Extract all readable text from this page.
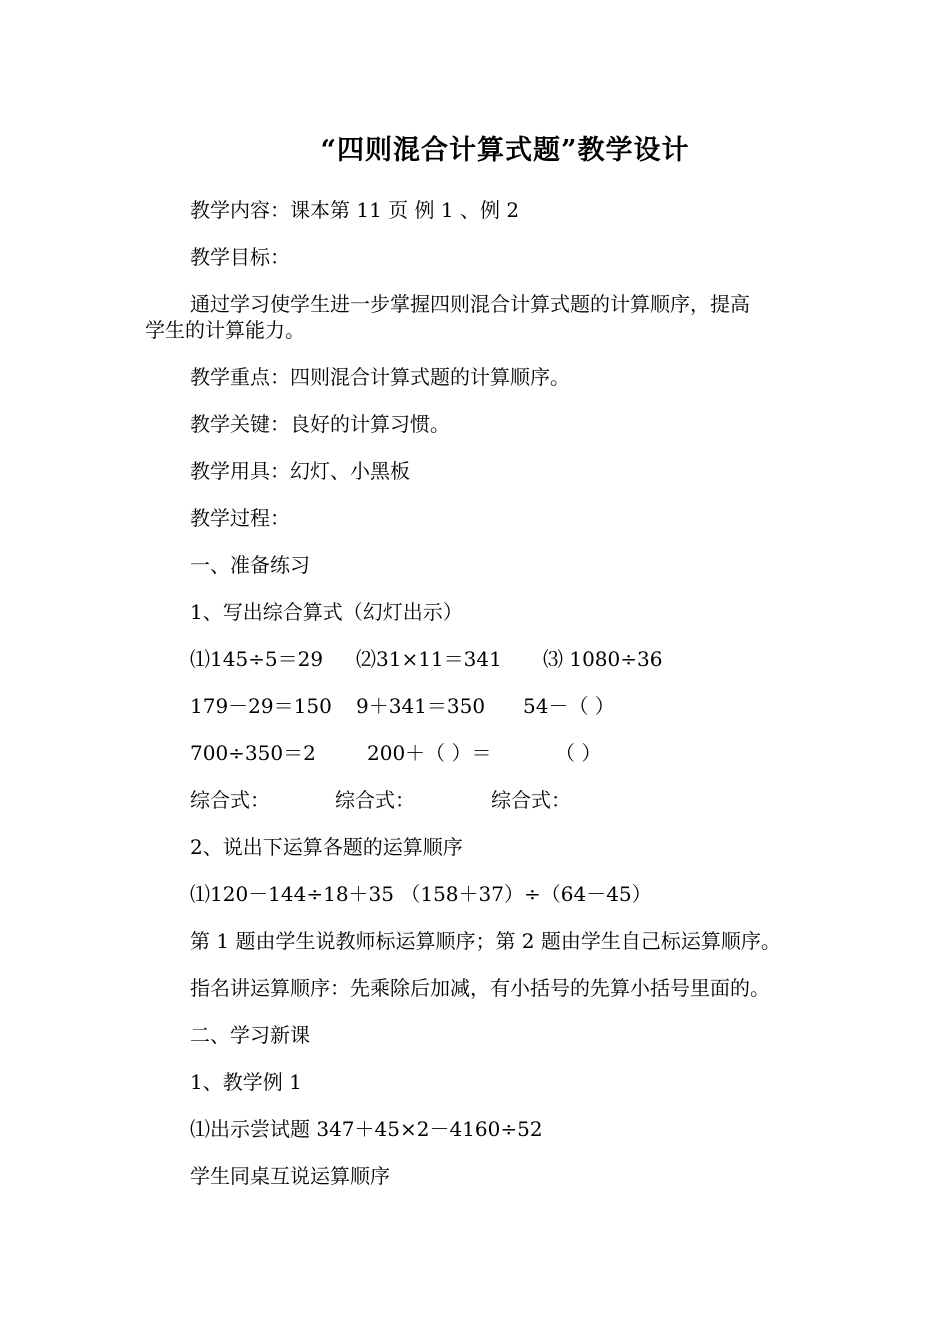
“四则混合计算式题”教学设计
教学内容：课本第 11 页 例 1 、例 2
教学目标：
通过学习使学生进一步掌握四则混合计算式题的计算顺序，提高
学生的计算能力。
教学重点：四则混合计算式题的计算顺序。
教学关键：良好的计算习惯。
教学用具：幻灯、小黑板
教学过程：
一、准备练习
1、写出综合算式（幻灯出示）
⑴145÷5＝29 ⑵31×11＝341 ⑶ 1080÷36
179－29＝150 9＋341＝350 54－（ ）
700÷350＝2	200＋（ ）＝	（ ）
综合式：	综合式：	综合式：
2、说出下运算各题的运算顺序
⑴120－144÷18＋35 （158＋37）÷（64－45）
第 1 题由学生说教师标运算顺序；第 2 题由学生自己标运算顺序。
指名讲运算顺序：先乘除后加减，有小括号的先算小括号里面的。
二、学习新课
1、教学例 1
⑴出示尝试题 347＋45×2－4160÷52
学生同桌互说运算顺序
